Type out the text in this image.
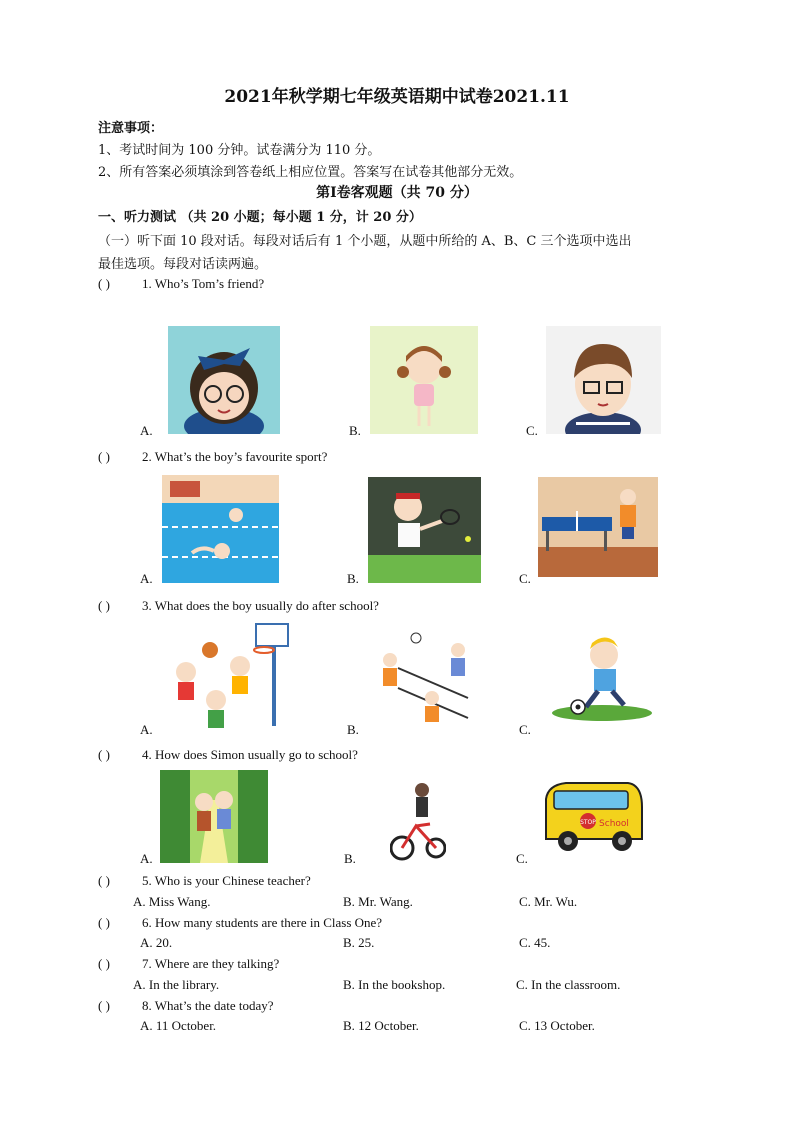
2021年秋学期七年级英语期中试卷2021.11
注意事项：
1、考试时间为 100 分钟。试卷满分为 110 分。
2、所有答案必须填涂到答卷纸上相应位置。答案写在试卷其他部分无效。
第Ⅰ卷客观题（共 70 分）
一、听力测试 （共 20 小题；每小题 1 分，计 20 分）
（一）听下面 10 段对话。每段对话后有 1 个小题，从题中所给的 A、B、C 三个选项中选出
最佳选项。每段对话读两遍。
( ) 1. Who’s Tom’s friend?
A.	B.	C.
( ) 2. What’s the boy’s favourite sport?
A.	B.	C.
( ) 3. What does the boy usually do after school?
A.	B.	C.
( ) 4. How does Simon usually go to school?
A.	B.	C.
STOP School
( ) 5. Who is your Chinese teacher?
A. Miss Wang.	B. Mr. Wang.	C. Mr. Wu.
( ) 6. How many students are there in Class One?
A. 20.	B. 25.	C. 45.
( ) 7. Where are they talking?
A. In the library.	B. In the bookshop.	C. In the classroom.
( ) 8. What’s the date today?
A. 11 October.	B. 12 October.	C. 13 October.
